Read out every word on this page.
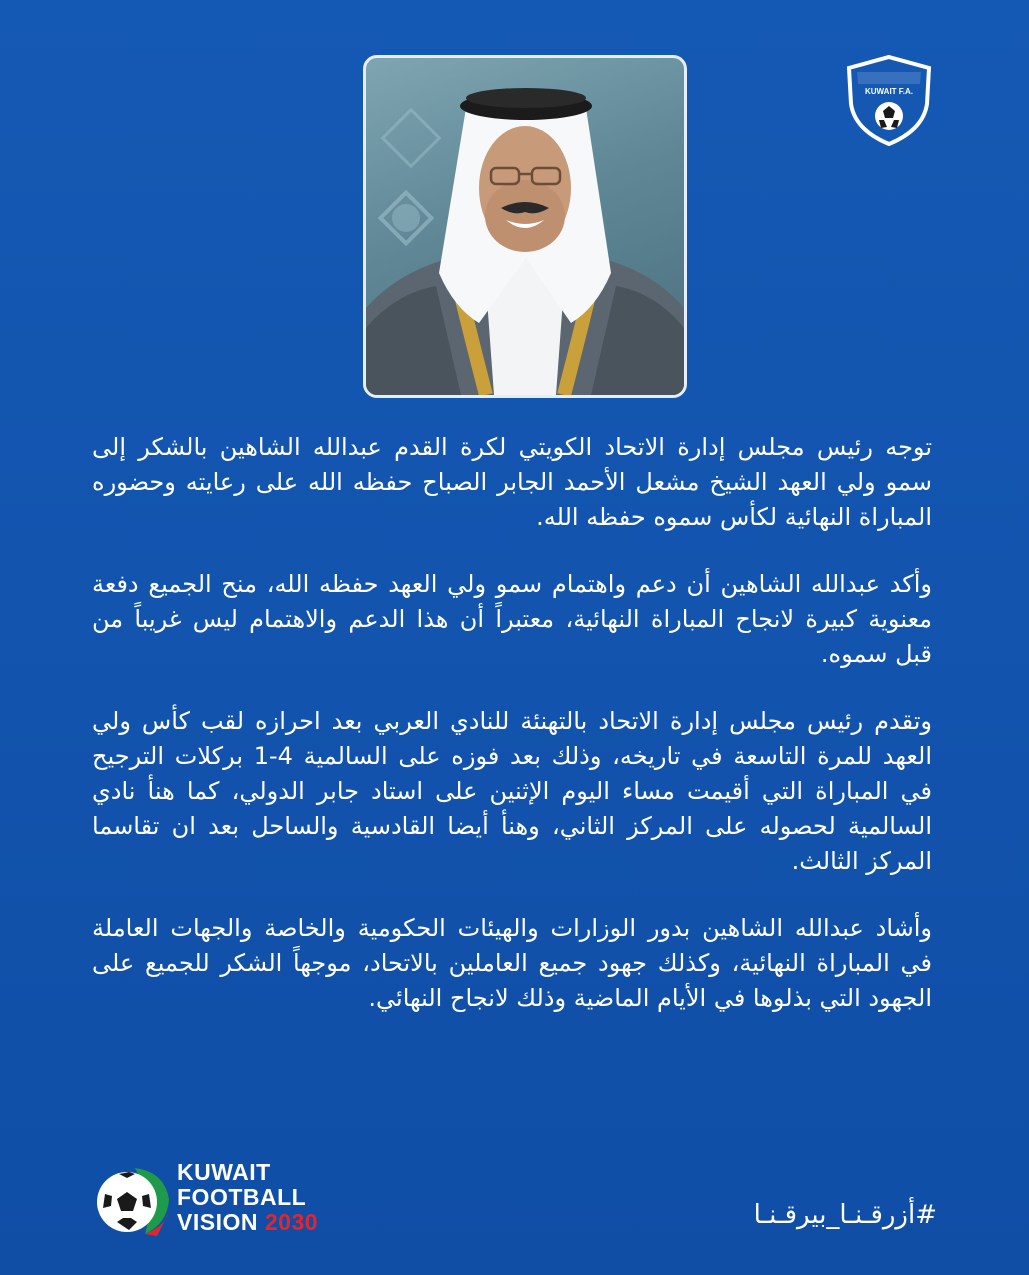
KUWAIT F.A.

توجه رئيس مجلس إدارة الاتحاد الكويتي لكرة القدم عبدالله الشاهين بالشكر إلى سمو ولي العهد الشيخ مشعل الأحمد الجابر الصباح حفظه الله على رعايته وحضوره المباراة النهائية لكأس سموه حفظه الله.

وأكد عبدالله الشاهين أن دعم واهتمام سمو ولي العهد حفظه الله، منح الجميع دفعة معنوية كبيرة لانجاح المباراة النهائية، معتبراً أن هذا الدعم والاهتمام ليس غريباً من قبل سموه.

وتقدم رئيس مجلس إدارة الاتحاد بالتهنئة للنادي العربي بعد احرازه لقب كأس ولي العهد للمرة التاسعة في تاريخه، وذلك بعد فوزه على السالمية 4-1 بركلات الترجيح في المباراة التي أقيمت مساء اليوم الإثنين على استاد جابر الدولي، كما هنأ نادي السالمية لحصوله على المركز الثاني، وهنأ أيضا القادسية والساحل بعد ان تقاسما المركز الثالث.

وأشاد عبدالله الشاهين بدور الوزارات والهيئات الحكومية والخاصة والجهات العاملة في المباراة النهائية، وكذلك جهود جميع العاملين بالاتحاد، موجهاً الشكر للجميع على الجهود التي بذلوها في الأيام الماضية وذلك لانجاح النهائي.

KUWAIT
FOOTBALL
VISION 2030	#أزرقـنـا_بيرقـنـا
